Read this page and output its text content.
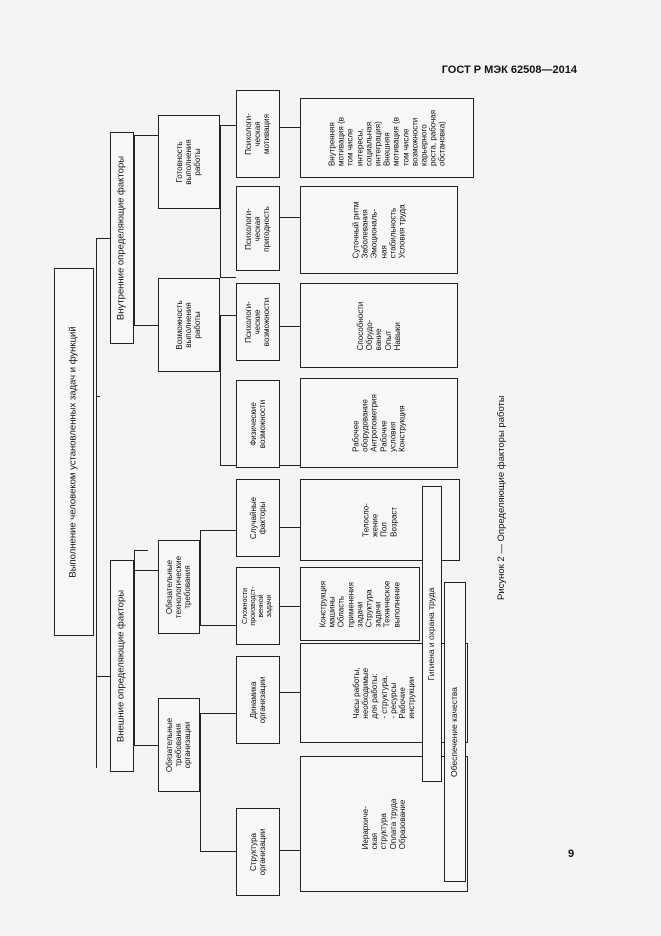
ГОСТ Р МЭК 62508—2014
Выполнение человеком установленных задач и функций
Внешние определяющие факторы
Внутренние определяющие факторы
Обязательные
требования
организации
Обязательные
технологические
требования
Возможность
выполнения
работы
Готовность
выполнения
работы
Структура
организации
Динамика
организации
Сложности
производст-
венной задачи
Случайные
факторы
Физические
возможности
Психологи-
ческие
возможности
Психологи-
ческая
пригодность
Психологи-
ческая
мотивация
Иерархиче-
ская
структура
Оплата труда
Образование
Часы работы,
необходимые
для работы:
- структура,
- ресурсы
Рабочие
инструкции
Конструкция
машины
Область
применения
задачи
Структура
задачи
Техническое
выполнение
Телосло-
жение
Пол
Возраст
Рабочее
оборудование
Антропометрия
Рабочие
условия
Конструкция
Способности
Обрудо-
вание
Опыт
Навыки
Суточный ритм
Заболевания
Эмоциональ-
ная
стабильность
Условия труда
Внутренняя
мотивация (в
том числе
интересы,
социальная
интеграция)
Внешняя
мотивация (в
том числе
возможности
карьерного
роста, рабочая
обстановка)
Гигиена и охрана труда
Обеспечение качества
Рисунок 2 — Определяющие факторы работы
9
